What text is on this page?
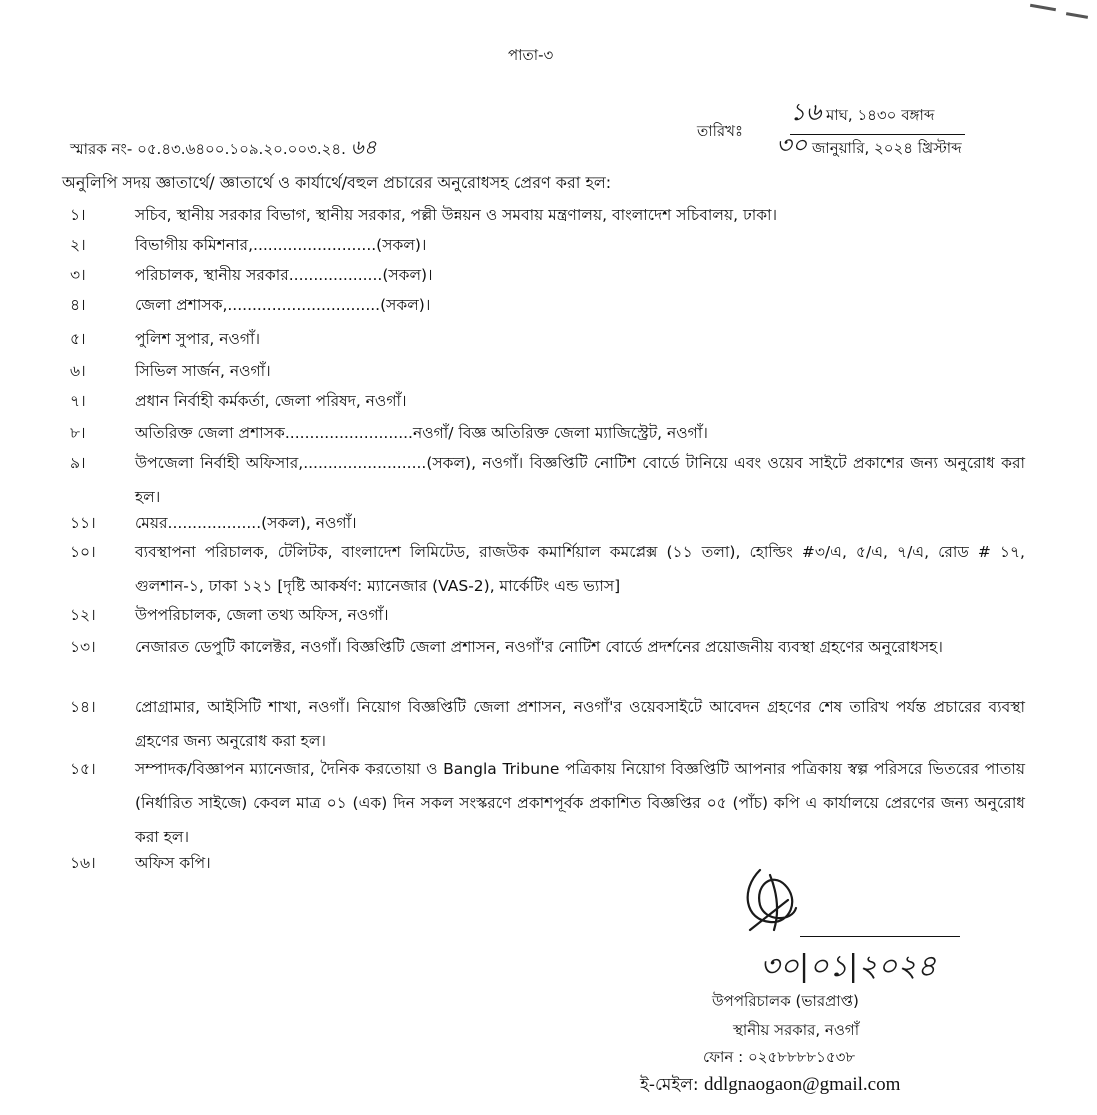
পাতা-৩
স্মারক নং- ০৫.৪৩.৬৪০০.১০৯.২০.০০৩.২৪. ৬৪
তারিখঃ
১৬ মাঘ, ১৪৩০ বঙ্গাব্দ
৩০ জানুয়ারি, ২০২৪ খ্রিস্টাব্দ
অনুলিপি সদয় জ্ঞাতার্থে/ জ্ঞাতার্থে ও কার্যার্থে/বহুল প্রচারের অনুরোধসহ প্রেরণ করা হল:
১।	সচিব, স্থানীয় সরকার বিভাগ, স্থানীয় সরকার, পল্লী উন্নয়ন ও সমবায় মন্ত্রণালয়, বাংলাদেশ সচিবালয়, ঢাকা।
২।	বিভাগীয় কমিশনার,.........................(সকল)।
৩।	পরিচালক, স্থানীয় সরকার...................(সকল)।
৪।	জেলা প্রশাসক,...............................(সকল)।
৫।	পুলিশ সুপার, নওগাঁ।
৬।	সিভিল সার্জন, নওগাঁ।
৭।	প্রধান নির্বাহী কর্মকর্তা, জেলা পরিষদ, নওগাঁ।
৮।	অতিরিক্ত জেলা প্রশাসক..........................নওগাঁ/ বিজ্ঞ অতিরিক্ত জেলা ম্যাজিস্ট্রেট, নওগাঁ।
৯।	উপজেলা নির্বাহী অফিসার,.........................(সকল), নওগাঁ। বিজ্ঞপ্তিটি নোটিশ বোর্ডে টানিয়ে এবং ওয়েব সাইটে প্রকাশের জন্য অনুরোধ করা হল।
১১।	মেয়র...................(সকল), নওগাঁ।
১০।	ব্যবস্থাপনা পরিচালক, টেলিটক, বাংলাদেশ লিমিটেড, রাজউক কমার্শিয়াল কমপ্লেক্স (১১ তলা), হোল্ডিং #৩/এ, ৫/এ, ৭/এ, রোড # ১৭, গুলশান-১, ঢাকা ১২১ [দৃষ্টি আকর্ষণ: ম্যানেজার (VAS-2), মার্কেটিং এন্ড ভ্যাস]
১২।	উপপরিচালক, জেলা তথ্য অফিস, নওগাঁ।
১৩।	নেজারত ডেপুটি কালেক্টর, নওগাঁ। বিজ্ঞপ্তিটি জেলা প্রশাসন, নওগাঁ'র নোটিশ বোর্ডে প্রদর্শনের প্রয়োজনীয় ব্যবস্থা গ্রহণের অনুরোধসহ।
১৪।	প্রোগ্রামার, আইসিটি শাখা, নওগাঁ। নিয়োগ বিজ্ঞপ্তিটি জেলা প্রশাসন, নওগাঁ'র ওয়েবসাইটে আবেদন গ্রহণের শেষ তারিখ পর্যন্ত প্রচারের ব্যবস্থা গ্রহণের জন্য অনুরোধ করা হল।
১৫।	সম্পাদক/বিজ্ঞাপন ম্যানেজার, দৈনিক করতোয়া ও Bangla Tribune পত্রিকায় নিয়োগ বিজ্ঞপ্তিটি আপনার পত্রিকায় স্বল্প পরিসরে ভিতরের পাতায় (নির্ধারিত সাইজে) কেবল মাত্র ০১ (এক) দিন সকল সংস্করণে প্রকাশপূর্বক প্রকাশিত বিজ্ঞপ্তির ০৫ (পাঁচ) কপি এ কার্যালয়ে প্রেরণের জন্য অনুরোধ করা হল।
১৬।	অফিস কপি।
৩০|০১|২০২৪
উপপরিচালক (ভারপ্রাপ্ত)
স্থানীয় সরকার, নওগাঁ
ফোন : ০২৫৮৮৮৮১৫৩৮
ই-মেইল: ddlgnaogaon@gmail.com
